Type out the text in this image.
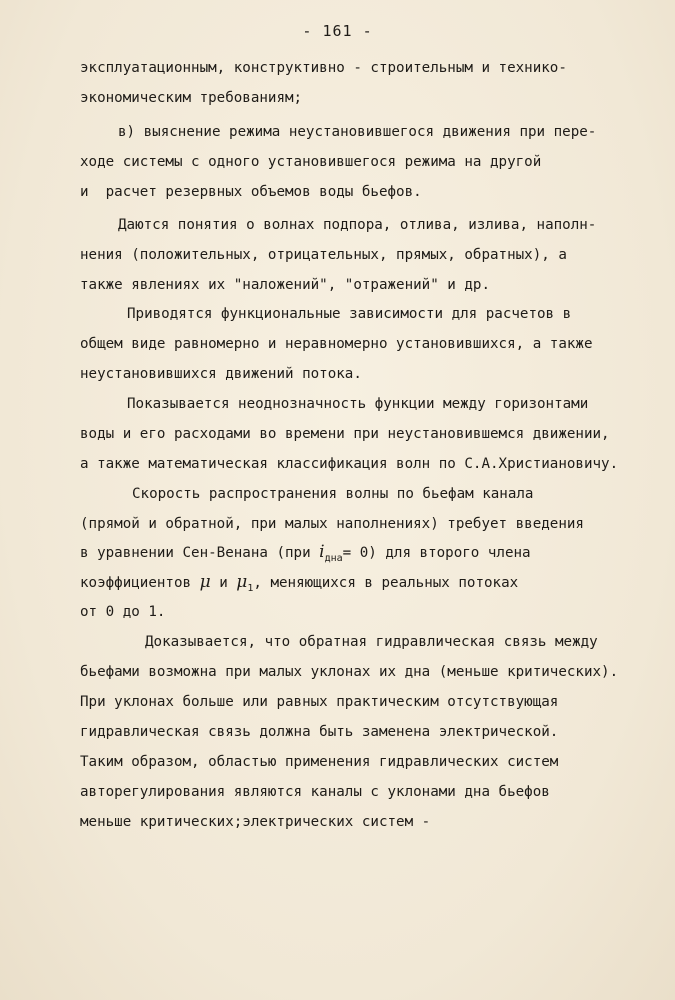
- 161 -
эксплуатационным, конструктивно - строительным и технико-
экономическим требованиям;
в) выяснение режима неустановившегося движения при пере-
ходе системы с одного установившегося режима на другой
и  расчет резервных объемов воды бьефов.
Даются понятия о волнах подпора, отлива, излива, наполн-
нения (положительных, отрицательных, прямых, обратных), а
также явлениях их "наложений", "отражений" и др.
Приводятся функциональные зависимости для расчетов в
общем виде равномерно и неравномерно установившихся, а также
неустановившихся движений потока.
Показывается неоднозначность функции между горизонтами
воды и его расходами во времени при неустановившемся движении,
а также математическая классификация волн по С.А.Христиановичу.
Скорость распространения волны по бьефам канала
(прямой и обратной, при малых наполнениях) требует введения
в уравнении Сен-Венана (при $i_{дна}= 0$) для второго члена
коэффициентов μ и $\mu_1$, меняющихся в реальных потоках
от 0 до 1.
Доказывается, что обратная гидравлическая связь между
бьефами возможна при малых уклонах их дна (меньше критических).
При уклонах больше или равных практическим отсутствующая
гидравлическая связь должна быть заменена электрической.
Таким образом, областью применения гидравлических систем
авторегулирования являются каналы с уклонами дна бьефов
меньше критических;электрических систем -
